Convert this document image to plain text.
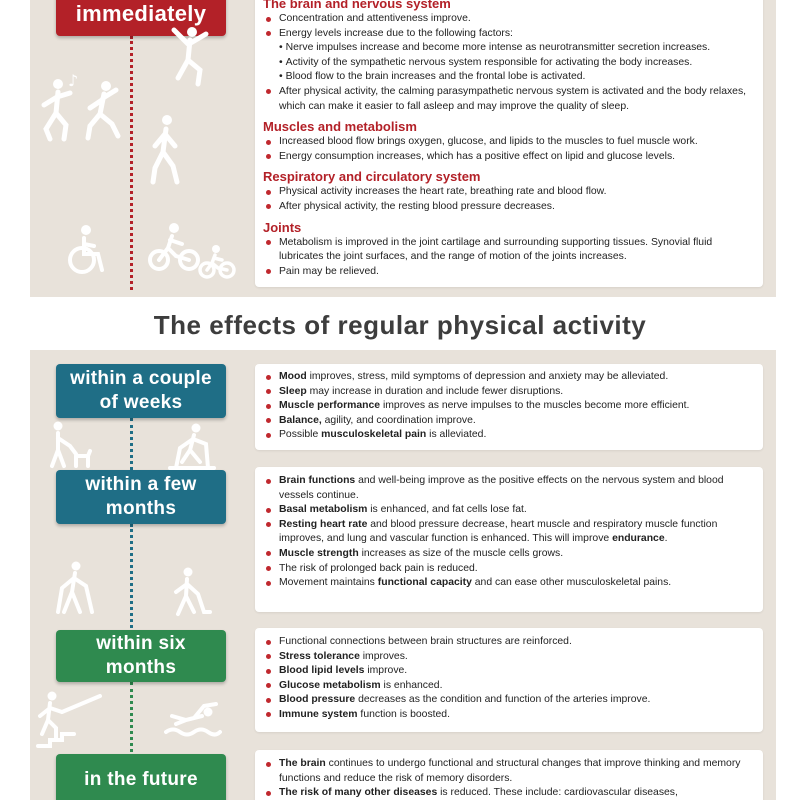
immediately	The brain and nervous system
Concentration and attentiveness improve.
Energy levels increase due to the following factors:
• Nerve impulses increase and become more intense as neurotransmitter secretion increases.
• Activity of the sympathetic nervous system responsible for activating the body increases.
• Blood flow to the brain increases and the frontal lobe is activated.
After physical activity, the calming parasympathetic nervous system is activated and the body relaxes, which can make it easier to fall asleep and may improve the quality of sleep.
Muscles and metabolism
Increased blood flow brings oxygen, glucose, and lipids to the muscles to fuel muscle work.
Energy consumption increases, which has a positive effect on lipid and glucose levels.
Respiratory and circulatory system
Physical activity increases the heart rate, breathing rate and blood flow.
After physical activity, the resting blood pressure decreases.
Joints
Metabolism is improved in the joint cartilage and surrounding supporting tissues. Synovial fluid lubricates the joint surfaces, and the range of motion of the joints increases.
Pain may be relieved.
♪
The effects of regular physical activity
within a couple of weeks
within a few months
within six months
in the future
Mood improves, stress, mild symptoms of depression and anxiety may be alleviated.
Sleep may increase in duration and include fewer disruptions.
Muscle performance improves as nerve impulses to the muscles become more efficient.
Balance, agility, and coordination improve.
Possible musculoskeletal pain is alleviated.
Brain functions and well-being improve as the positive effects on the nervous system and blood vessels continue.
Basal metabolism is enhanced, and fat cells lose fat.
Resting heart rate and blood pressure decrease, heart muscle and respiratory muscle function improves, and lung and vascular function is enhanced. This will improve endurance.
Muscle strength increases as size of the muscle cells grows.
The risk of prolonged back pain is reduced.
Movement maintains functional capacity and can ease other musculoskeletal pains.
Functional connections between brain structures are reinforced.
Stress tolerance improves.
Blood lipid levels improve.
Glucose metabolism is enhanced.
Blood pressure decreases as the condition and function of the arteries improve.
Immune system function is boosted.
The brain continues to undergo functional and structural changes that improve thinking and memory functions and reduce the risk of memory disorders.
The risk of many other diseases is reduced. These include: cardiovascular diseases,
